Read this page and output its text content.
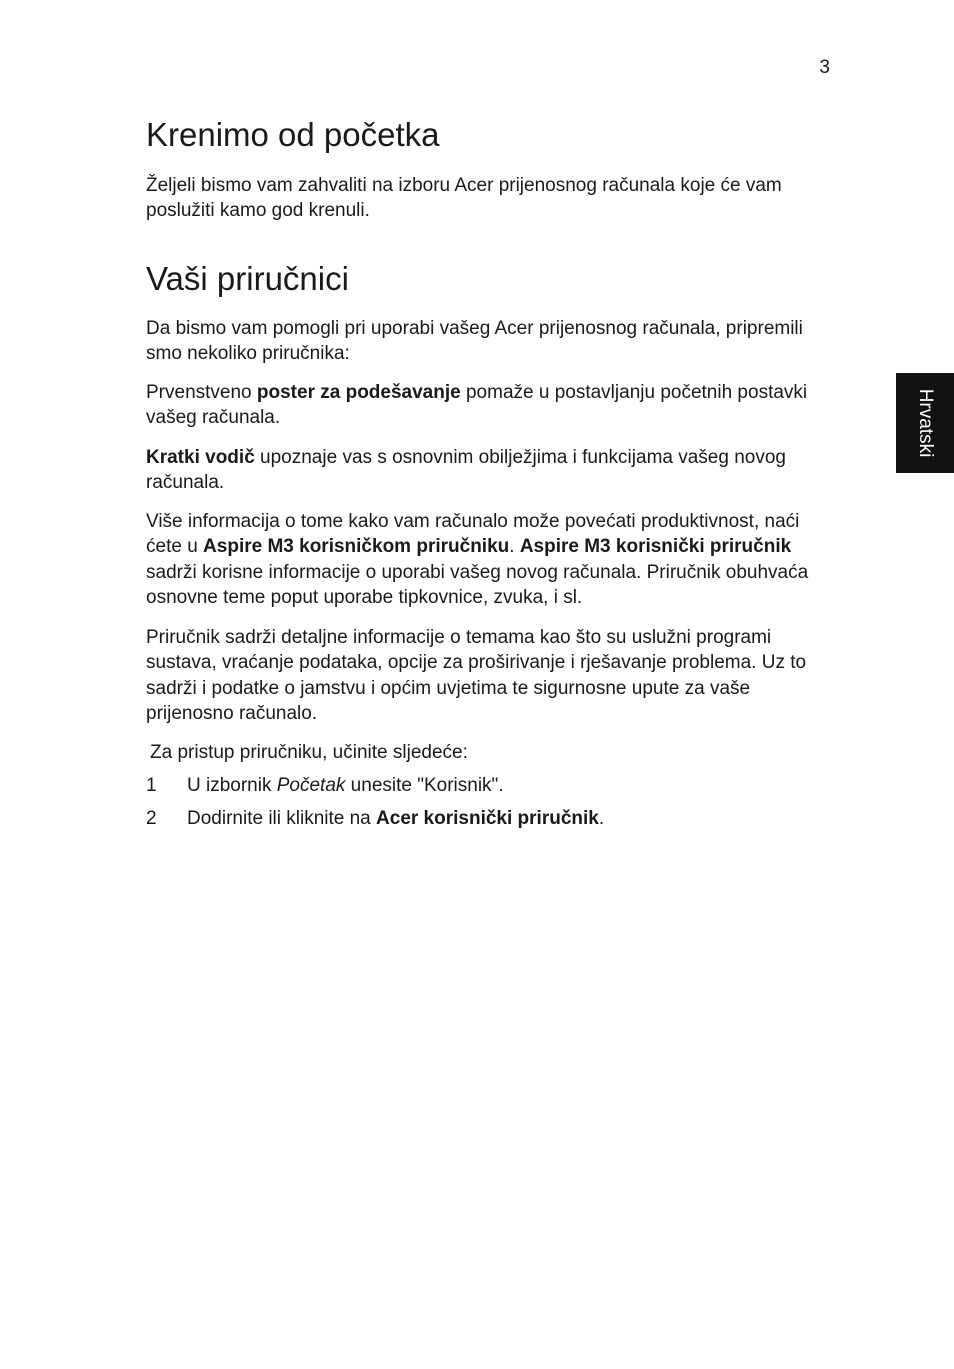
3
Hrvatski
Krenimo od početka

Željeli bismo vam zahvaliti na izboru Acer prijenosnog računala koje će vam poslužiti kamo god krenuli.

Vaši priručnici

Da bismo vam pomogli pri uporabi vašeg Acer prijenosnog računala, pripremili smo nekoliko priručnika:

Prvenstveno poster za podešavanje pomaže u postavljanju početnih postavki vašeg računala.

Kratki vodič upoznaje vas s osnovnim obilježjima i funkcijama vašeg novog računala.

Više informacija o tome kako vam računalo može povećati produktivnost, naći ćete u Aspire M3 korisničkom priručniku. Aspire M3 korisnički priručnik sadrži korisne informacije o uporabi vašeg novog računala. Priručnik obuhvaća osnovne teme poput uporabe tipkovnice, zvuka, i sl.

Priručnik sadrži detaljne informacije o temama kao što su uslužni programi sustava, vraćanje podataka, opcije za proširivanje i rješavanje problema. Uz to sadrži i podatke o jamstvu i općim uvjetima te sigurnosne upute za vaše prijenosno računalo.

Za pristup priručniku, učinite sljedeće:

1 U izbornik Početak unesite "Korisnik".
2 Dodirnite ili kliknite na Acer korisnički priručnik.
